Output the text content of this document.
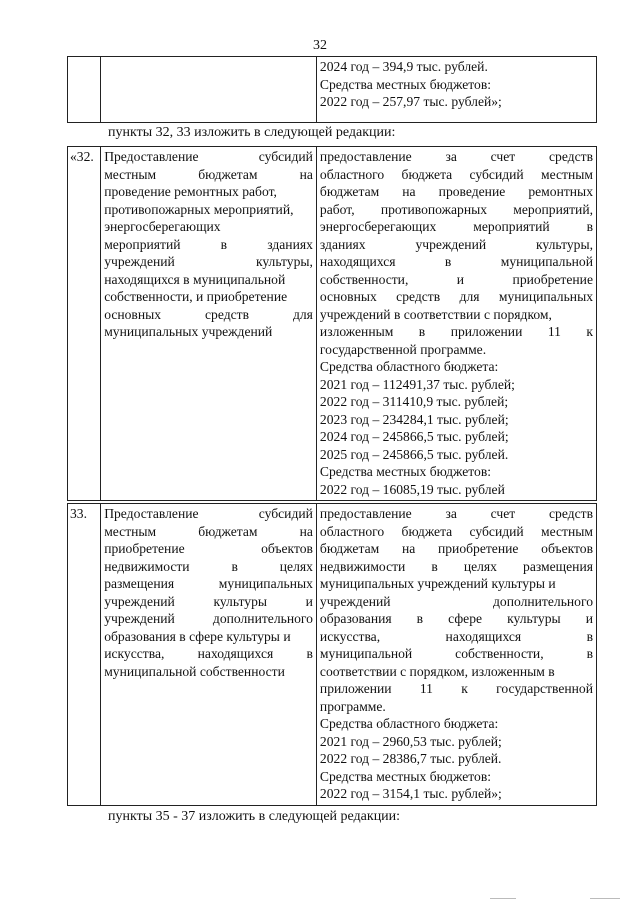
32

2024 год – 394,9 тыс. рублей.
Средства местных бюджетов:
2022 год – 257,97 тыс. рублей»;
пункты 32, 33 изложить в следующей редакции:
«32.	Предоставление субсидий
местным бюджетам на
проведение ремонтных работ,
противопожарных мероприятий,
энергосберегающих
мероприятий в зданиях
учреждений культуры,
находящихся в муниципальной
собственности, и приобретение
основных средств для
муниципальных учреждений

предоставление за счет средств
областного бюджета субсидий местным
бюджетам на проведение ремонтных
работ, противопожарных мероприятий,
энергосберегающих мероприятий в
зданиях учреждений культуры,
находящихся в муниципальной
собственности, и приобретение
основных средств для муниципальных
учреждений в соответствии с порядком,
изложенным в приложении 11 к
государственной программе.
Средства областного бюджета:
2021 год – 112491,37 тыс. рублей;
2022 год – 311410,9 тыс. рублей;
2023 год – 234284,1 тыс. рублей;
2024 год – 245866,5 тыс. рублей;
2025 год – 245866,5 тыс. рублей.
Средства местных бюджетов:
2022 год – 16085,19 тыс. рублей
33.	Предоставление субсидий
местным бюджетам на
приобретение объектов
недвижимости в целях
размещения муниципальных
учреждений культуры и
учреждений дополнительного
образования в сфере культуры и
искусства, находящихся в
муниципальной собственности

предоставление за счет средств
областного бюджета субсидий местным
бюджетам на приобретение объектов
недвижимости в целях размещения
муниципальных учреждений культуры и
учреждений дополнительного
образования в сфере культуры и
искусства, находящихся в
муниципальной собственности, в
соответствии с порядком, изложенным в
приложении 11 к государственной
программе.
Средства областного бюджета:
2021 год – 2960,53 тыс. рублей;
2022 год – 28386,7 тыс. рублей.
Средства местных бюджетов:
2022 год – 3154,1 тыс. рублей»;
пункты 35 - 37 изложить в следующей редакции:
